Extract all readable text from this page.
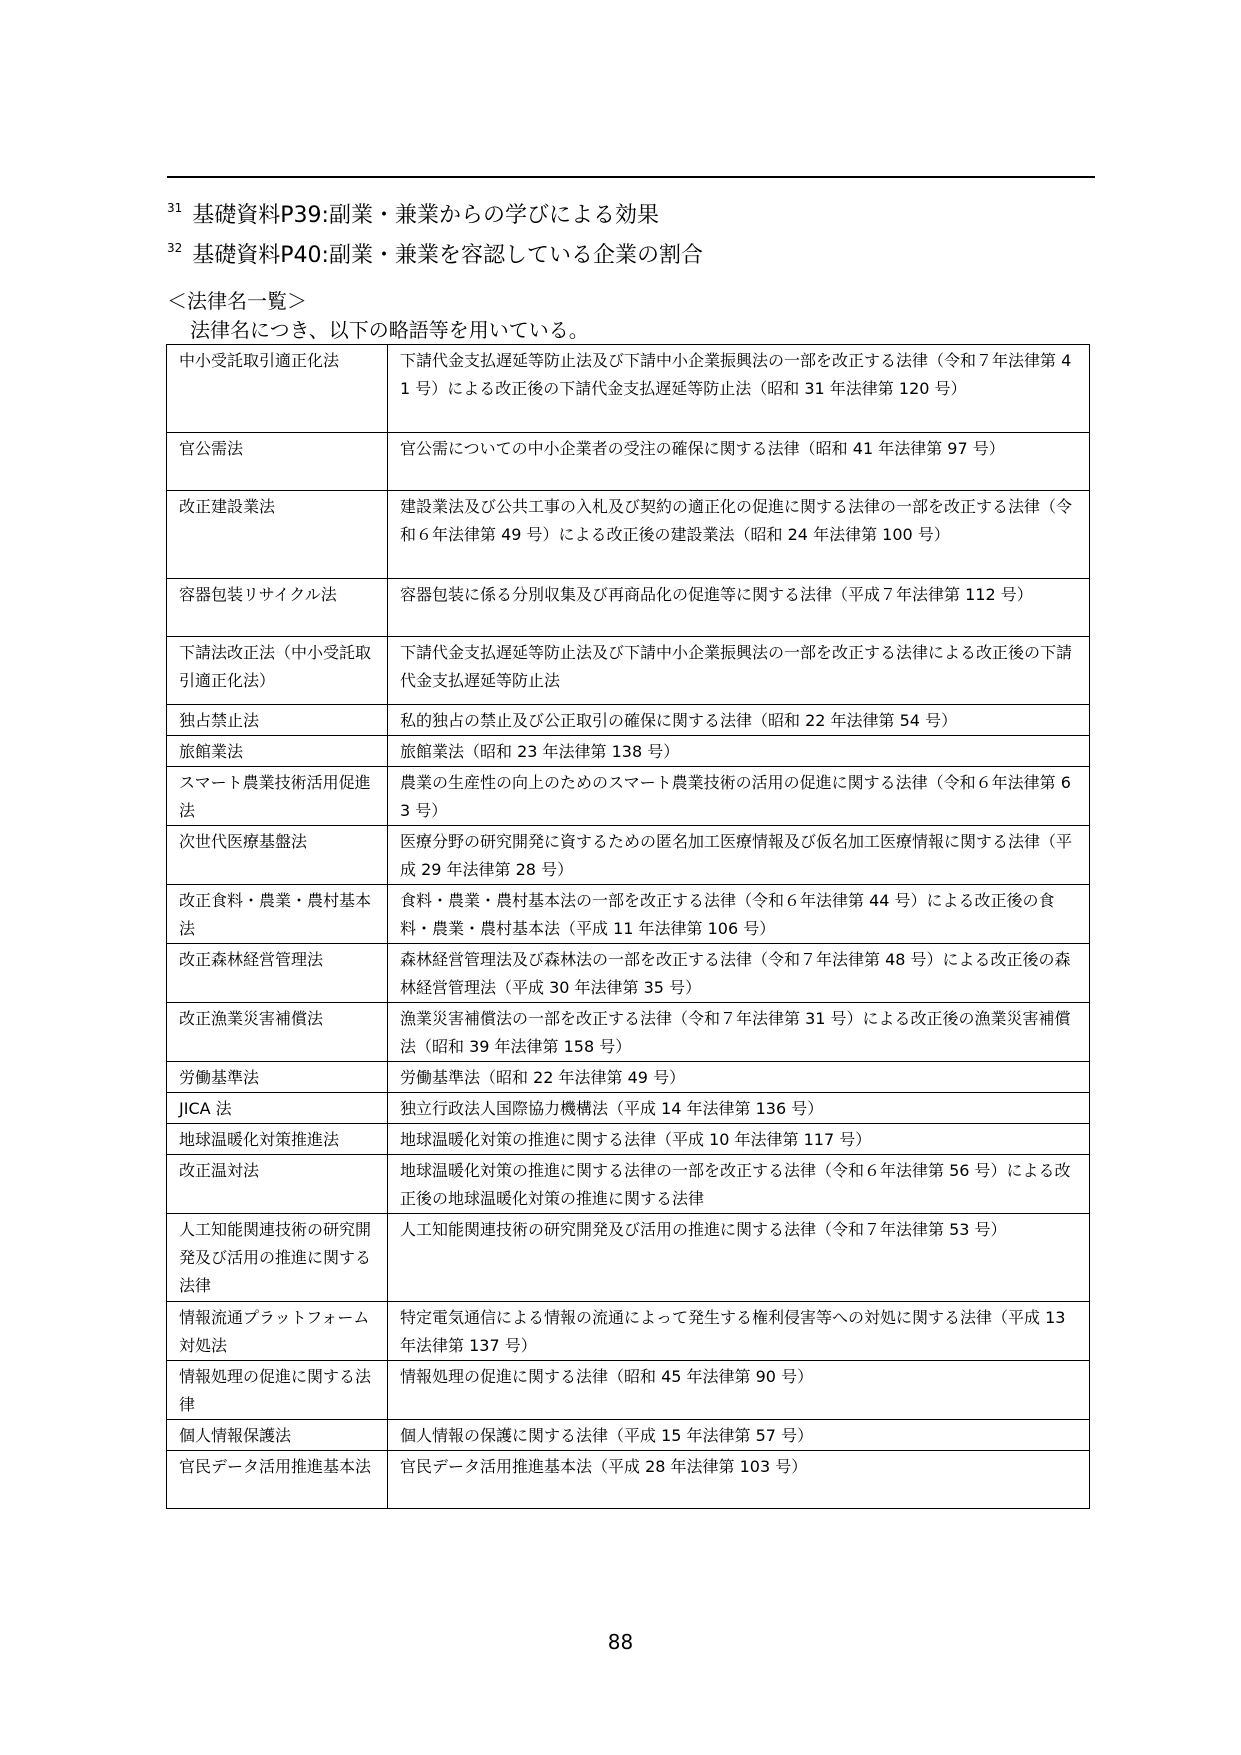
$^{31}$ 基礎資料P39:副業・兼業からの学びによる効果
$^{32}$ 基礎資料P40:副業・兼業を容認している企業の割合
＜法律名一覧＞
法律名につき、以下の略語等を用いている。
中小受託取引適正化法	下請代金支払遅延等防止法及び下請中小企業振興法の一部を改正する法律（令和７年法律第 41 号）による改正後の下請代金支払遅延等防止法（昭和 31 年法律第 120 号）
官公需法	官公需についての中小企業者の受注の確保に関する法律（昭和 41 年法律第 97 号）
改正建設業法	建設業法及び公共工事の入札及び契約の適正化の促進に関する法律の一部を改正する法律（令和６年法律第 49 号）による改正後の建設業法（昭和 24 年法律第 100 号）
容器包装リサイクル法	容器包装に係る分別収集及び再商品化の促進等に関する法律（平成７年法律第 112 号）
下請法改正法（中小受託取引適正化法）	下請代金支払遅延等防止法及び下請中小企業振興法の一部を改正する法律による改正後の下請代金支払遅延等防止法
独占禁止法	私的独占の禁止及び公正取引の確保に関する法律（昭和 22 年法律第 54 号）
旅館業法	旅館業法（昭和 23 年法律第 138 号）
スマート農業技術活用促進法	農業の生産性の向上のためのスマート農業技術の活用の促進に関する法律（令和６年法律第 63 号）
次世代医療基盤法	医療分野の研究開発に資するための匿名加工医療情報及び仮名加工医療情報に関する法律（平成 29 年法律第 28 号）
改正食料・農業・農村基本法	食料・農業・農村基本法の一部を改正する法律（令和６年法律第 44 号）による改正後の食料・農業・農村基本法（平成 11 年法律第 106 号）
改正森林経営管理法	森林経営管理法及び森林法の一部を改正する法律（令和７年法律第 48 号）による改正後の森林経営管理法（平成 30 年法律第 35 号）
改正漁業災害補償法	漁業災害補償法の一部を改正する法律（令和７年法律第 31 号）による改正後の漁業災害補償法（昭和 39 年法律第 158 号）
労働基準法	労働基準法（昭和 22 年法律第 49 号）
JICA 法	独立行政法人国際協力機構法（平成 14 年法律第 136 号）
地球温暖化対策推進法	地球温暖化対策の推進に関する法律（平成 10 年法律第 117 号）
改正温対法	地球温暖化対策の推進に関する法律の一部を改正する法律（令和６年法律第 56 号）による改正後の地球温暖化対策の推進に関する法律
人工知能関連技術の研究開発及び活用の推進に関する法律	人工知能関連技術の研究開発及び活用の推進に関する法律（令和７年法律第 53 号）
情報流通プラットフォーム対処法	特定電気通信による情報の流通によって発生する権利侵害等への対処に関する法律（平成 13 年法律第 137 号）
情報処理の促進に関する法律	情報処理の促進に関する法律（昭和 45 年法律第 90 号）
個人情報保護法	個人情報の保護に関する法律（平成 15 年法律第 57 号）
官民データ活用推進基本法	官民データ活用推進基本法（平成 28 年法律第 103 号）
88
